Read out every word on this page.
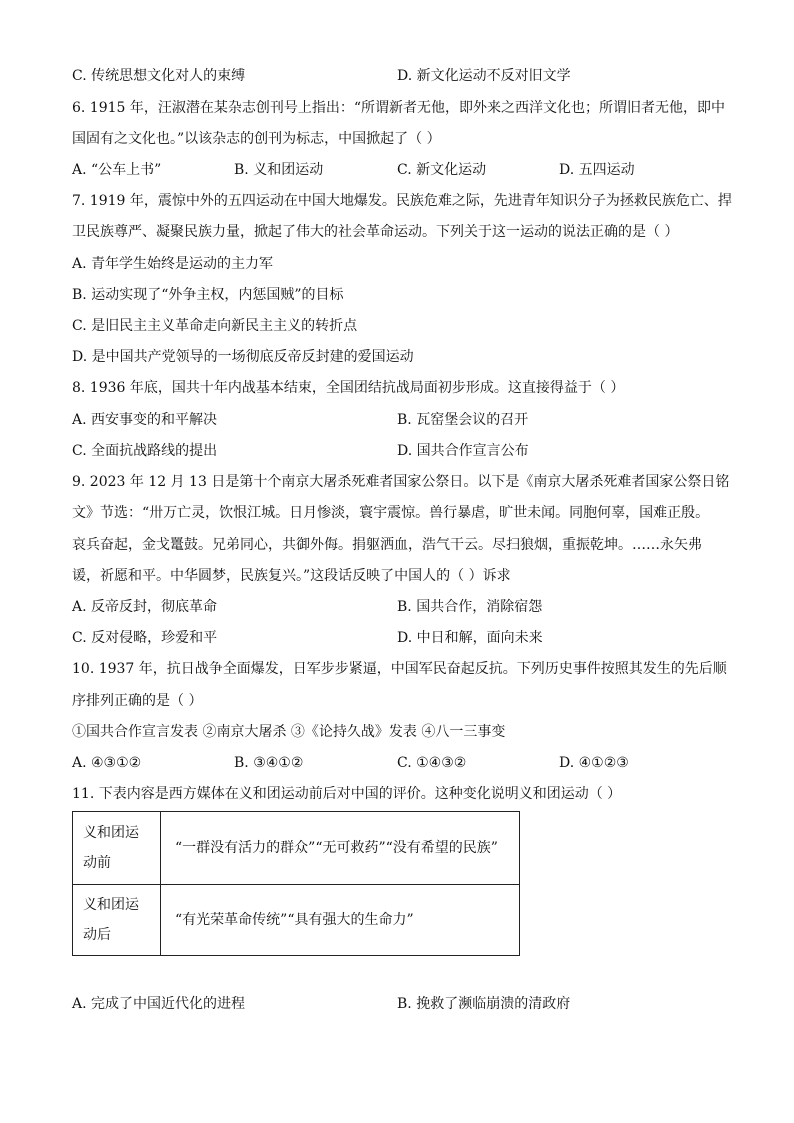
C. 传统思想文化对人的束缚	D. 新文化运动不反对旧文学
6. 1915 年，汪淑潜在某杂志创刊号上指出：“所谓新者无他，即外来之西洋文化也；所谓旧者无他，即中
国固有之文化也。”以该杂志的创刊为标志，中国掀起了（ ）
A. “公车上书”	B. 义和团运动	C. 新文化运动	D. 五四运动
7. 1919 年，震惊中外的五四运动在中国大地爆发。民族危难之际，先进青年知识分子为拯救民族危亡、捍
卫民族尊严、凝聚民族力量，掀起了伟大的社会革命运动。下列关于这一运动的说法正确的是（ ）
A. 青年学生始终是运动的主力军
B. 运动实现了“外争主权，内惩国贼”的目标
C. 是旧民主主义革命走向新民主主义的转折点
D. 是中国共产党领导的一场彻底反帝反封建的爱国运动
8. 1936 年底，国共十年内战基本结束，全国团结抗战局面初步形成。这直接得益于（ ）
A. 西安事变的和平解决	B. 瓦窑堡会议的召开
C. 全面抗战路线的提出	D. 国共合作宣言公布
9. 2023 年 12 月 13 日是第十个南京大屠杀死难者国家公祭日。以下是《南京大屠杀死难者国家公祭日铭
文》节选：“卅万亡灵，饮恨江城。日月惨淡，寰宇震惊。兽行暴虐，旷世未闻。同胞何辜，国难正殷。
哀兵奋起，金戈鼍鼓。兄弟同心，共御外侮。捐躯洒血，浩气干云。尽扫狼烟，重振乾坤。……永矢弗
谖，祈愿和平。中华圆梦，民族复兴。”这段话反映了中国人的（ ）诉求
A. 反帝反封，彻底革命	B. 国共合作，消除宿怨
C. 反对侵略，珍爱和平	D. 中日和解，面向未来
10. 1937 年，抗日战争全面爆发，日军步步紧逼，中国军民奋起反抗。下列历史事件按照其发生的先后顺
序排列正确的是（ ）
①国共合作宣言发表 ②南京大屠杀 ③《论持久战》发表 ④八一三事变
A. ④③①②	B. ③④①②	C. ①④③②	D. ④①②③
11. 下表内容是西方媒体在义和团运动前后对中国的评价。这种变化说明义和团运动（ ）
义和团运动前	“一群没有活力的群众”“无可救药”“没有希望的民族”
义和团运动后	“有光荣革命传统”“具有强大的生命力”
A. 完成了中国近代化的进程	B. 挽救了濒临崩溃的清政府
